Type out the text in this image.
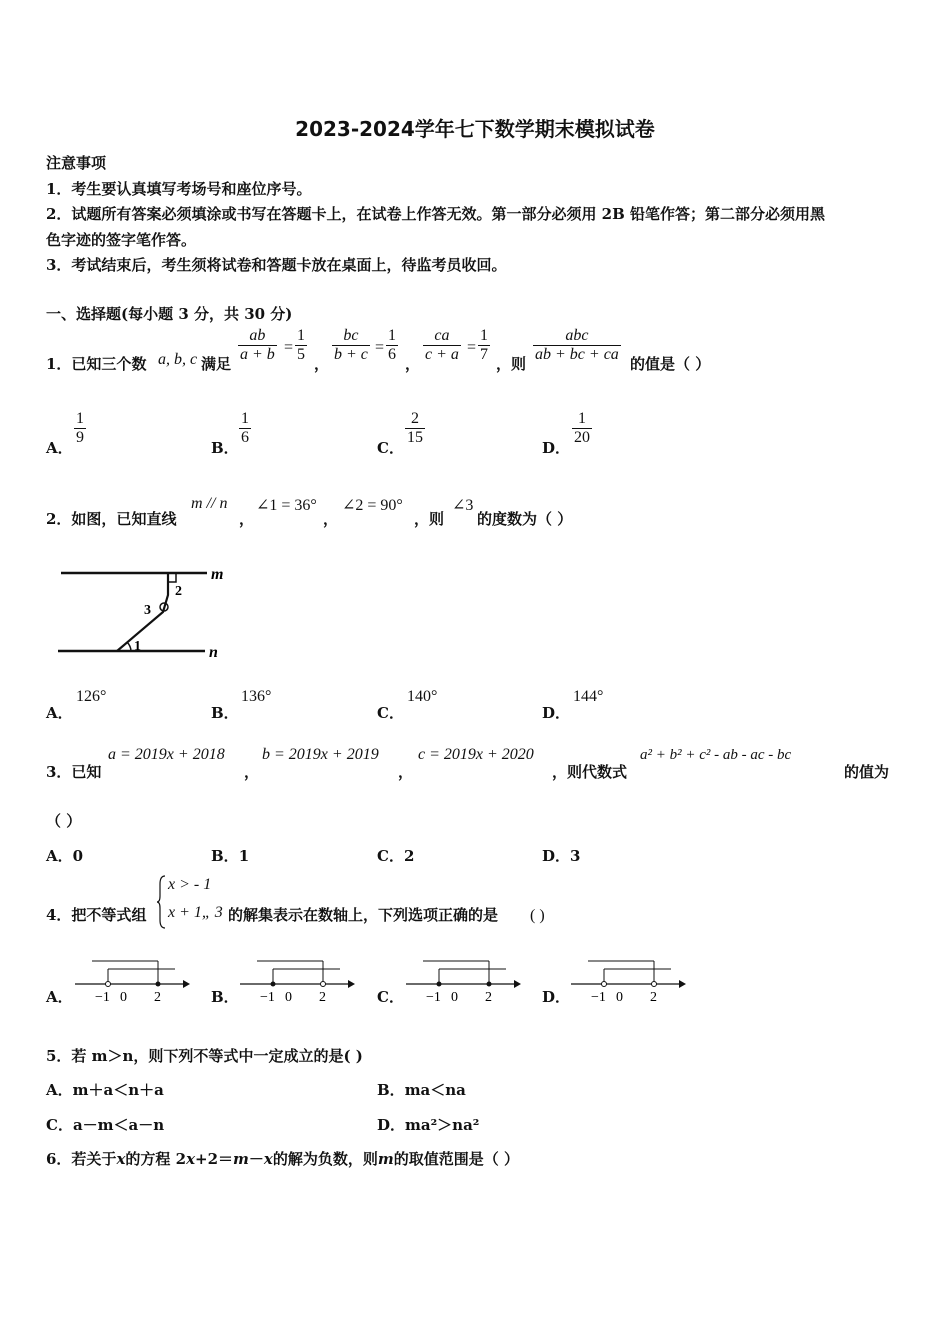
2023-2024学年七下数学期末模拟试卷
注意事项
1．考生要认真填写考场号和座位序号。
2．试题所有答案必须填涂或书写在答题卡上，在试卷上作答无效。第一部分必须用 2B 铅笔作答；第二部分必须用黑
色字迹的签字笔作答。
3．考试结束后，考生须将试卷和答题卡放在桌面上，待监考员收回。
一、选择题(每小题 3 分，共 30 分)
1．已知三个数 a, b, c 满足 $\frac{ab}{a + b} = \frac{1}{5}$ ， $\frac{bc}{b + c} = \frac{1}{6}$ ， $\frac{ca}{c + a} = \frac{1}{7}$ ，则
abc
ab + bc + ca
的值是（ ）
A．
$\frac{1}{9}$
B．
$\frac{1}{6}$
C．
$\frac{2}{15}$
D．
$\frac{1}{20}$
2．如图，已知直线
m // n
，
∠1 = 36°
，
∠2 = 90°
，则
∠3
的度数为（ ）
m
n
1
2
3
A．
126°
B．
136°
C．
140°
D．
144°
3．已知
a = 2019x + 2018
，
b = 2019x + 2019
，
c = 2019x + 2020
，则代数式
a² + b² + c² - ab - ac - bc
的值为
（ ）
A．0	B．1	C．2	D．3
4．把不等式组
x > - 1
x + 1„ 3 的解集表示在数轴上，下列选项正确的是 ( )
A．	B．	C．	D．
−1 0 2	−1 0 2	−1 0 2	−1 0 2
5．若 m＞n，则下列不等式中一定成立的是( )
A．m＋a＜n＋a	B．ma＜na
C．a－m＜a－n	D．ma²＞na²
6．若关于x的方程 2x+2＝m－x的解为负数，则m的取值范围是（ ）
